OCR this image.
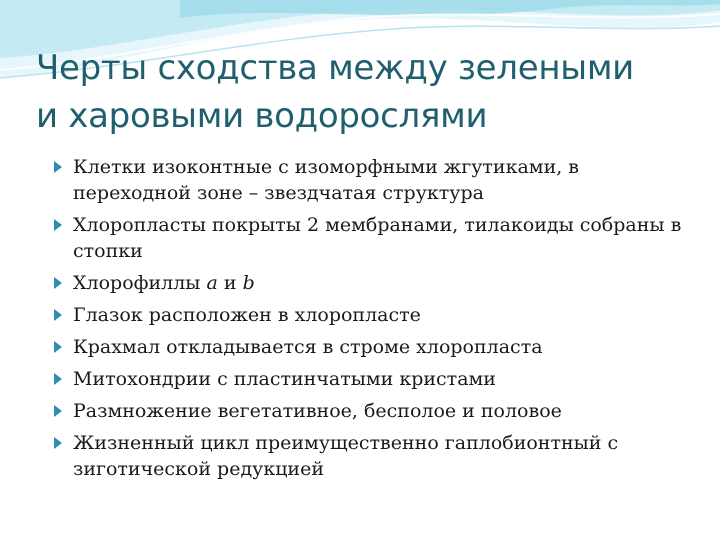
Черты сходства между зелеными
и харовыми водорослями
Клетки изоконтные с изоморфными жгутиками, в переходной зоне – звездчатая структура
Хлоропласты покрыты 2 мембранами, тилакоиды собраны в стопки
Хлорофиллы a и b
Глазок расположен в хлоропласте
Крахмал откладывается в строме хлоропласта
Митохондрии с пластинчатыми кристами
Размножение вегетативное, бесполое и половое
Жизненный цикл преимущественно гаплобионтный с зиготической редукцией
